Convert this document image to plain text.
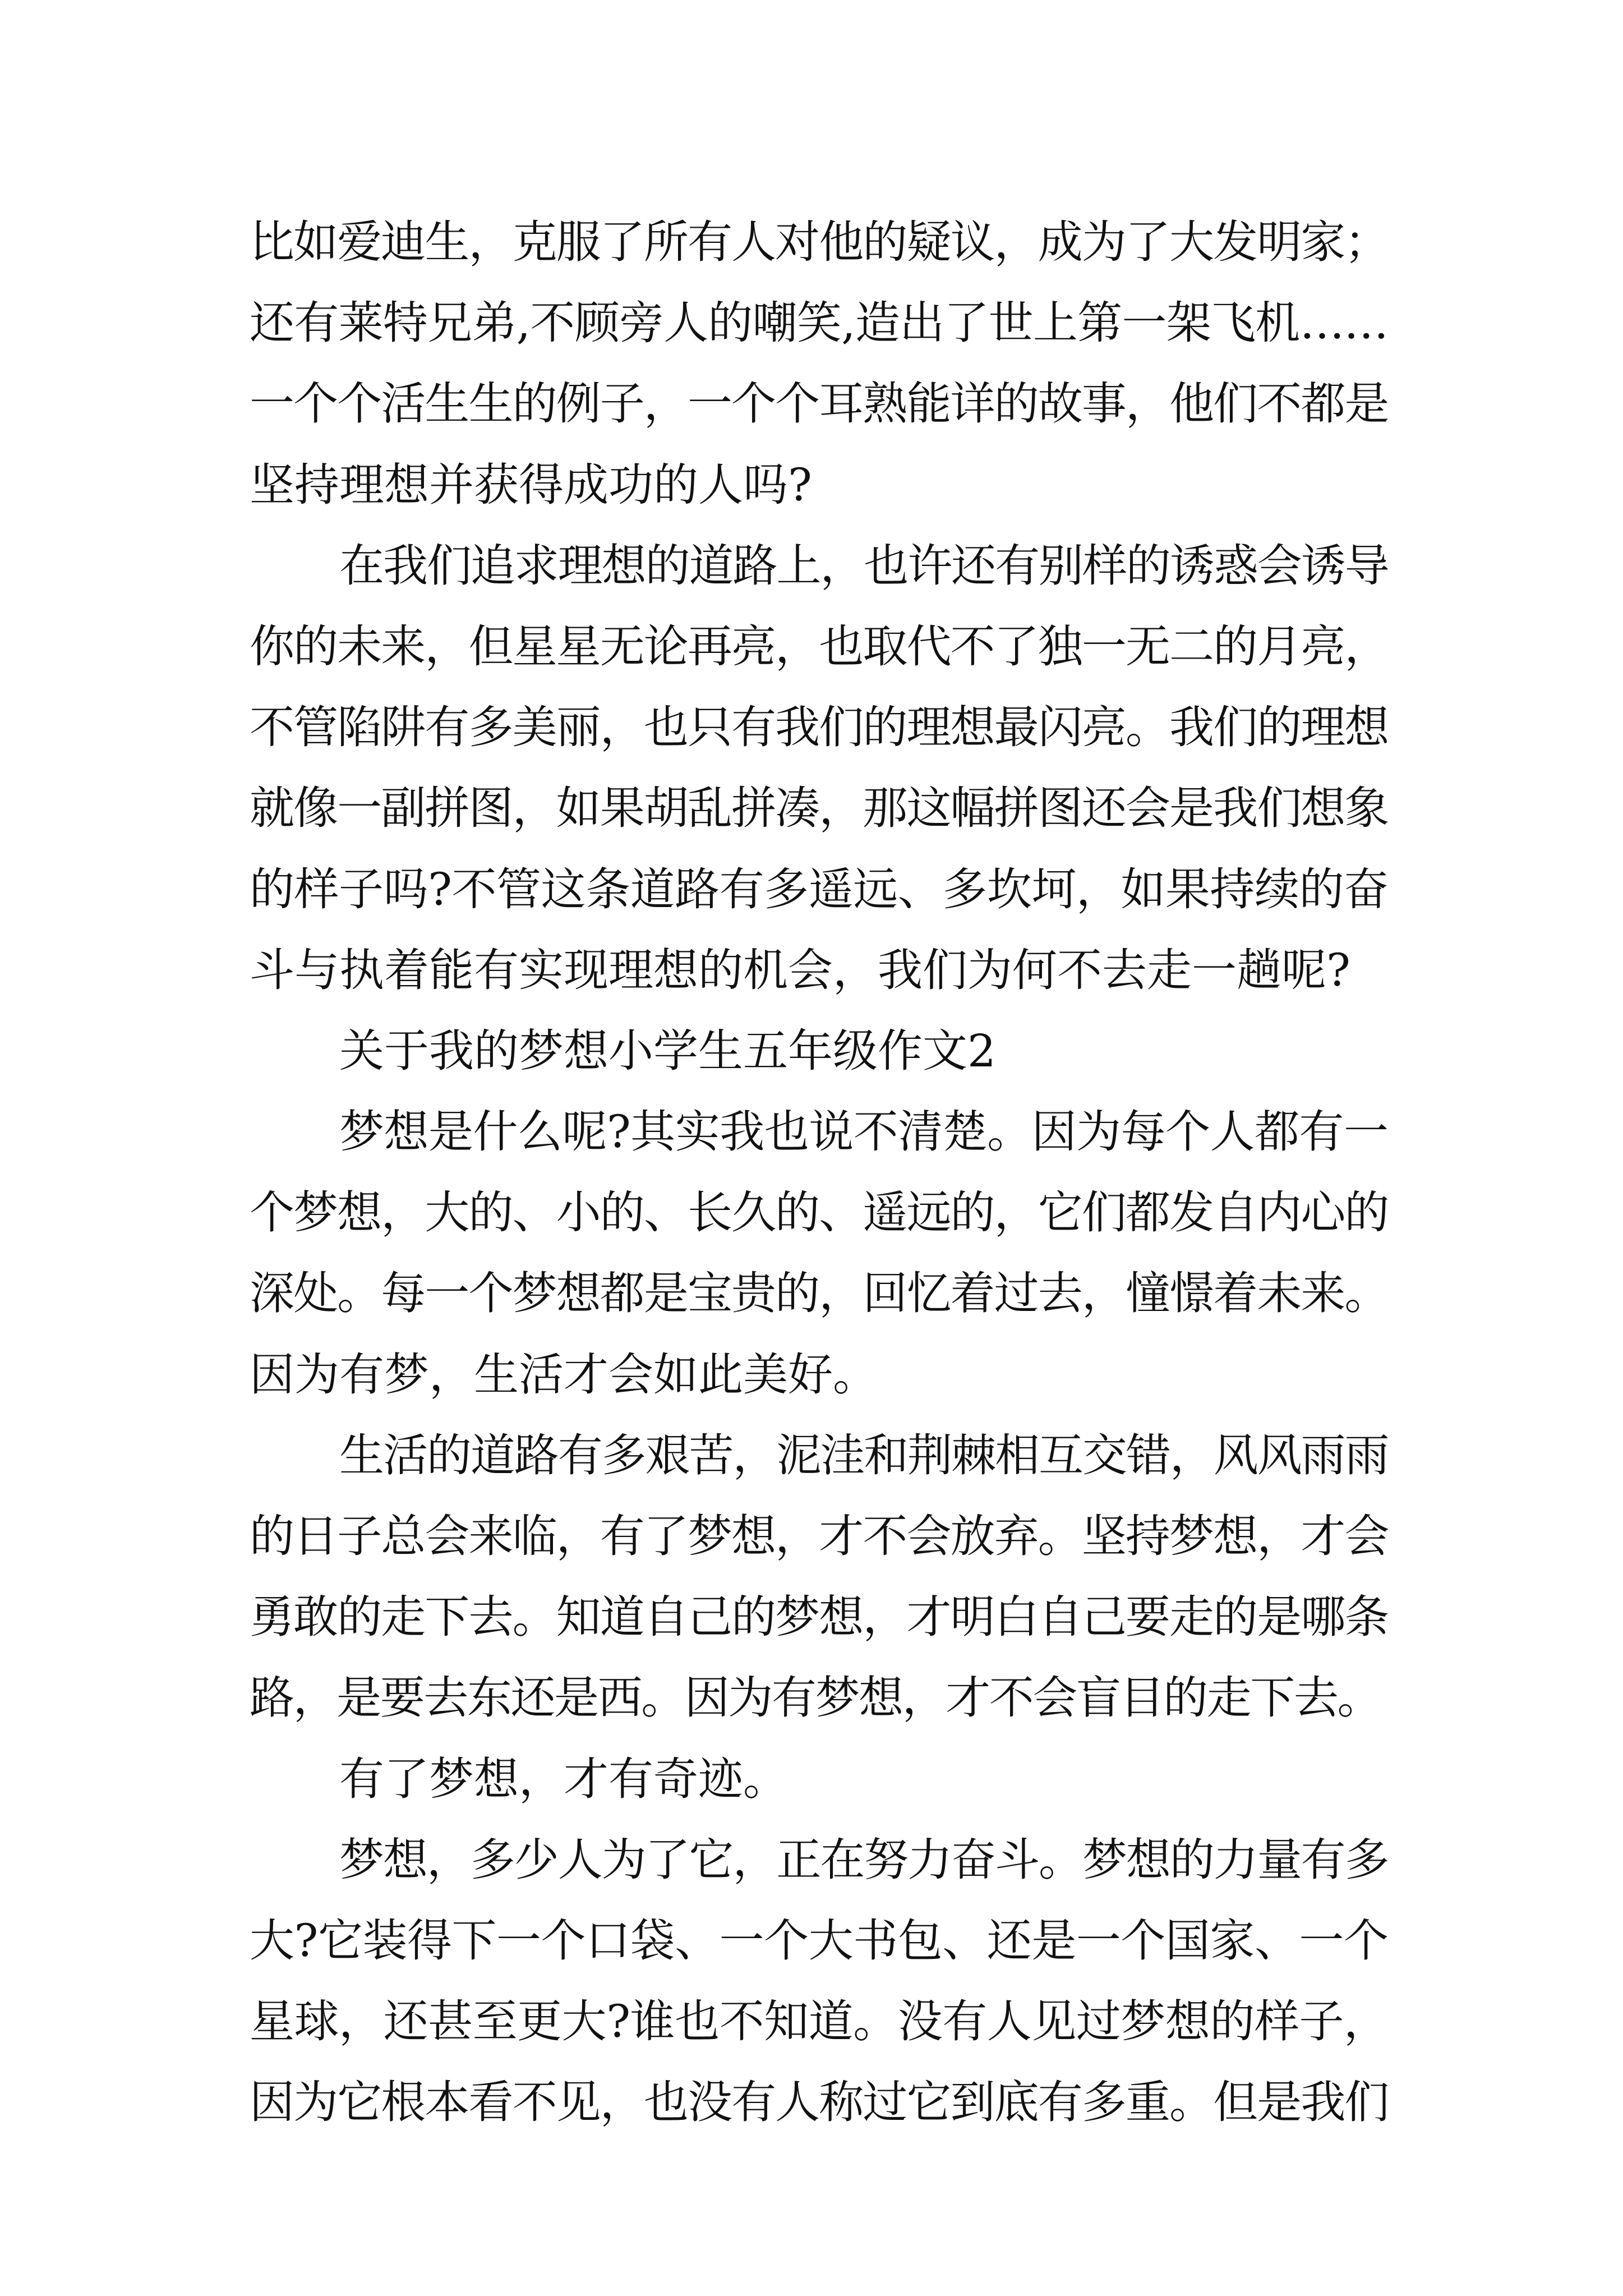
比如爱迪生，克服了所有人对他的疑议，成为了大发明家；
还有莱特兄弟,不顾旁人的嘲笑,造出了世上第一架飞机……
一个个活生生的例子，一个个耳熟能详的故事，他们不都是
坚持理想并获得成功的人吗?
在我们追求理想的道路上，也许还有别样的诱惑会诱导
你的未来，但星星无论再亮，也取代不了独一无二的月亮，
不管陷阱有多美丽，也只有我们的理想最闪亮。我们的理想
就像一副拼图，如果胡乱拼凑，那这幅拼图还会是我们想象
的样子吗?不管这条道路有多遥远、多坎坷，如果持续的奋
斗与执着能有实现理想的机会，我们为何不去走一趟呢?
关于我的梦想小学生五年级作文2
梦想是什么呢?其实我也说不清楚。因为每个人都有一
个梦想，大的、小的、长久的、遥远的，它们都发自内心的
深处。每一个梦想都是宝贵的，回忆着过去，憧憬着未来。
因为有梦，生活才会如此美好。
生活的道路有多艰苦，泥洼和荆棘相互交错，风风雨雨
的日子总会来临，有了梦想，才不会放弃。坚持梦想，才会
勇敢的走下去。知道自己的梦想，才明白自己要走的是哪条
路，是要去东还是西。因为有梦想，才不会盲目的走下去。
有了梦想，才有奇迹。
梦想，多少人为了它，正在努力奋斗。梦想的力量有多
大?它装得下一个口袋、一个大书包、还是一个国家、一个
星球，还甚至更大?谁也不知道。没有人见过梦想的样子，
因为它根本看不见，也没有人称过它到底有多重。但是我们
